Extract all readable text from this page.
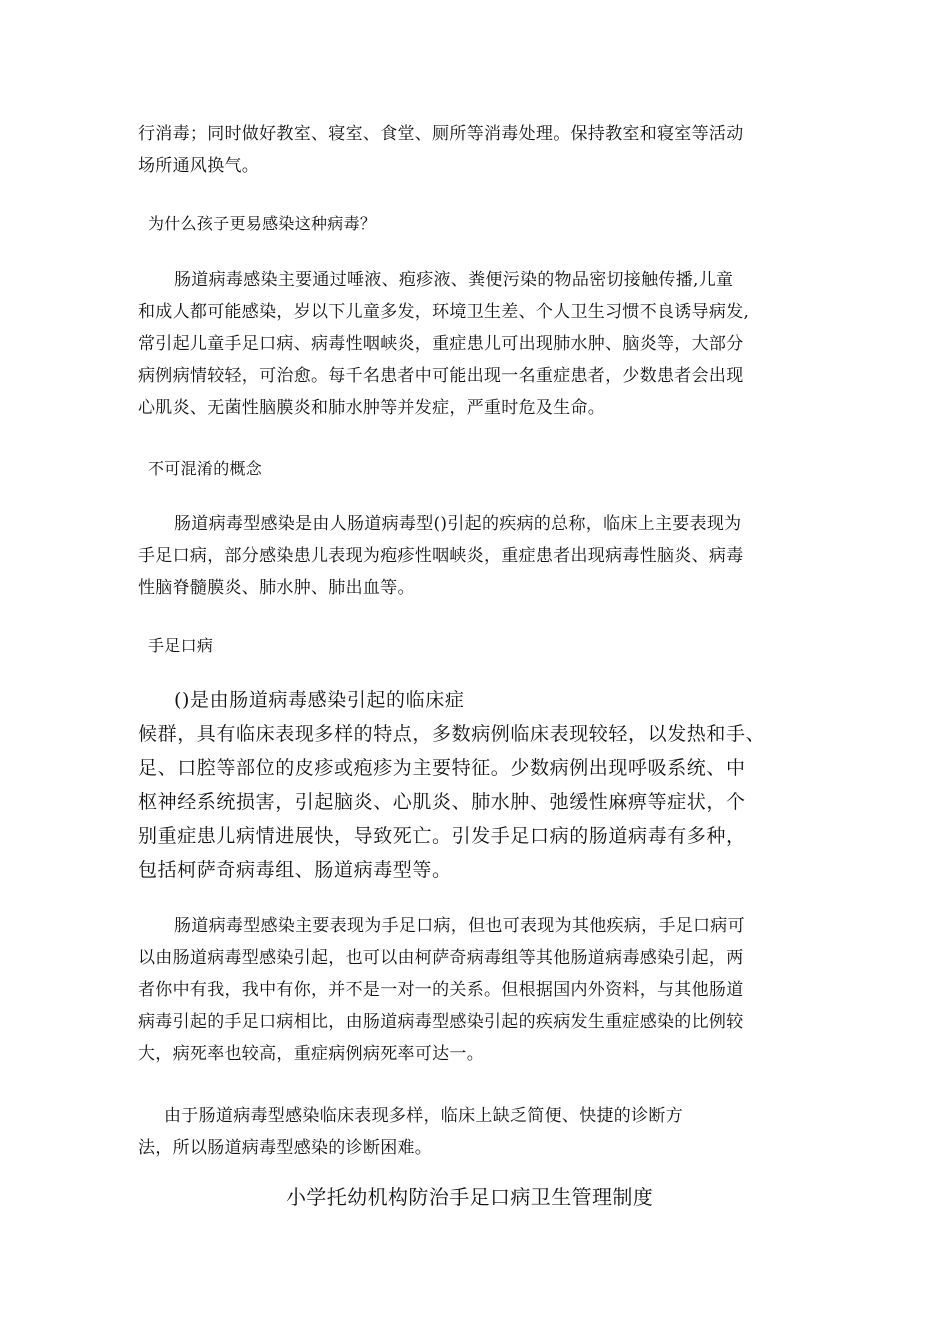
行消毒；同时做好教室、寝室、食堂、厕所等消毒处理。保持教室和寝室等活动
场所通风换气。
为什么孩子更易感染这种病毒？
肠道病毒感染主要通过唾液、疱疹液、粪便污染的物品密切接触传播,儿童
和成人都可能感染，岁以下儿童多发，环境卫生差、个人卫生习惯不良诱导病发,
常引起儿童手足口病、病毒性咽峡炎，重症患儿可出现肺水肿、脑炎等，大部分
病例病情较轻，可治愈。每千名患者中可能出现一名重症患者，少数患者会出现
心肌炎、无菌性脑膜炎和肺水肿等并发症，严重时危及生命。
不可混淆的概念
肠道病毒型感染是由人肠道病毒型()引起的疾病的总称，临床上主要表现为
手足口病，部分感染患儿表现为疱疹性咽峡炎，重症患者出现病毒性脑炎、病毒
性脑脊髓膜炎、肺水肿、肺出血等。
手足口病
()是由肠道病毒感染引起的临床症
候群，具有临床表现多样的特点，多数病例临床表现较轻，以发热和手、
足、口腔等部位的皮疹或疱疹为主要特征。少数病例出现呼吸系统、中
枢神经系统损害，引起脑炎、心肌炎、肺水肿、弛缓性麻痹等症状，个
别重症患儿病情进展快，导致死亡。引发手足口病的肠道病毒有多种，
包括柯萨奇病毒组、肠道病毒型等。
肠道病毒型感染主要表现为手足口病，但也可表现为其他疾病，手足口病可
以由肠道病毒型感染引起，也可以由柯萨奇病毒组等其他肠道病毒感染引起，两
者你中有我，我中有你，并不是一对一的关系。但根据国内外资料，与其他肠道
病毒引起的手足口病相比，由肠道病毒型感染引起的疾病发生重症感染的比例较
大，病死率也较高，重症病例病死率可达一。
由于肠道病毒型感染临床表现多样，临床上缺乏简便、快捷的诊断方
法，所以肠道病毒型感染的诊断困难。
小学托幼机构防治手足口病卫生管理制度
